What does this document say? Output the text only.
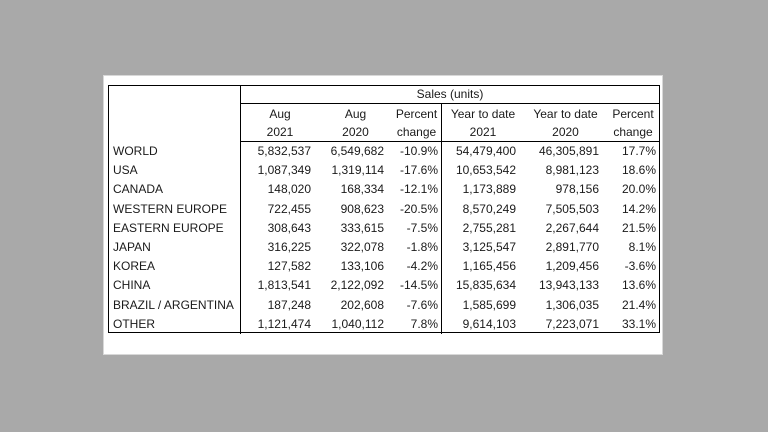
Sales (units)
Aug
2021
Aug
2020
Percent
change
Year to date
2021
Year to date
2020
Percent
change
WORLD	5,832,537	6,549,682	-10.9%	54,479,400	46,305,891	17.7%
USA	1,087,349	1,319,114	-17.6%	10,653,542	8,981,123	18.6%
CANADA	148,020	168,334	-12.1%	1,173,889	978,156	20.0%
WESTERN EUROPE	722,455	908,623	-20.5%	8,570,249	7,505,503	14.2%
EASTERN EUROPE	308,643	333,615	-7.5%	2,755,281	2,267,644	21.5%
JAPAN	316,225	322,078	-1.8%	3,125,547	2,891,770	8.1%
KOREA	127,582	133,106	-4.2%	1,165,456	1,209,456	-3.6%
CHINA	1,813,541	2,122,092	-14.5%	15,835,634	13,943,133	13.6%
BRAZIL / ARGENTINA	187,248	202,608	-7.6%	1,585,699	1,306,035	21.4%
OTHER	1,121,474	1,040,112	7.8%	9,614,103	7,223,071	33.1%
